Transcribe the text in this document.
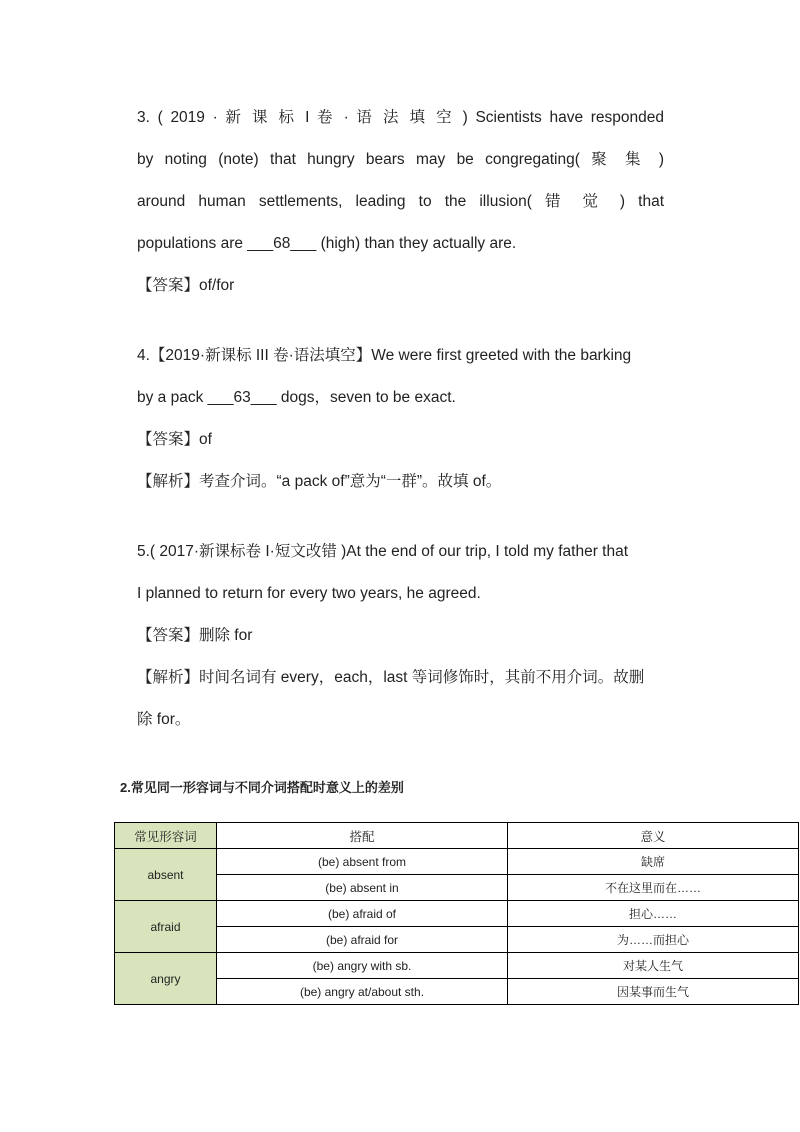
3. ( 2019 · 新 课 标 I 卷 · 语 法 填 空 ) Scientists have responded
by noting (note) that hungry bears may be congregating( 聚 集 )
around human settlements, leading to the illusion( 错 觉 ) that
populations are ___68___ (high) than they actually are.
【答案】of/for
4.【2019·新课标 III 卷·语法填空】We were first greeted with the barking
by a pack ___63___ dogs，seven to be exact.
【答案】of
【解析】考查介词。“a pack of”意为“一群”。故填 of。
5.( 2017·新课标卷 I·短文改错 )At the end of our trip, I told my father that
I planned to return for every two years, he agreed.
【答案】删除 for
【解析】时间名词有 every，each，last 等词修饰时，其前不用介词。故删
除 for。
2.常见同一形容词与不同介词搭配时意义上的差别
常见形容词	搭配	意义
absent	(be) absent from	缺席
	(be) absent in	不在这里而在……
afraid	(be) afraid of	担心……
	(be) afraid for	为……而担心
angry	(be) angry with sb.	对某人生气
	(be) angry at/about sth.	因某事而生气
